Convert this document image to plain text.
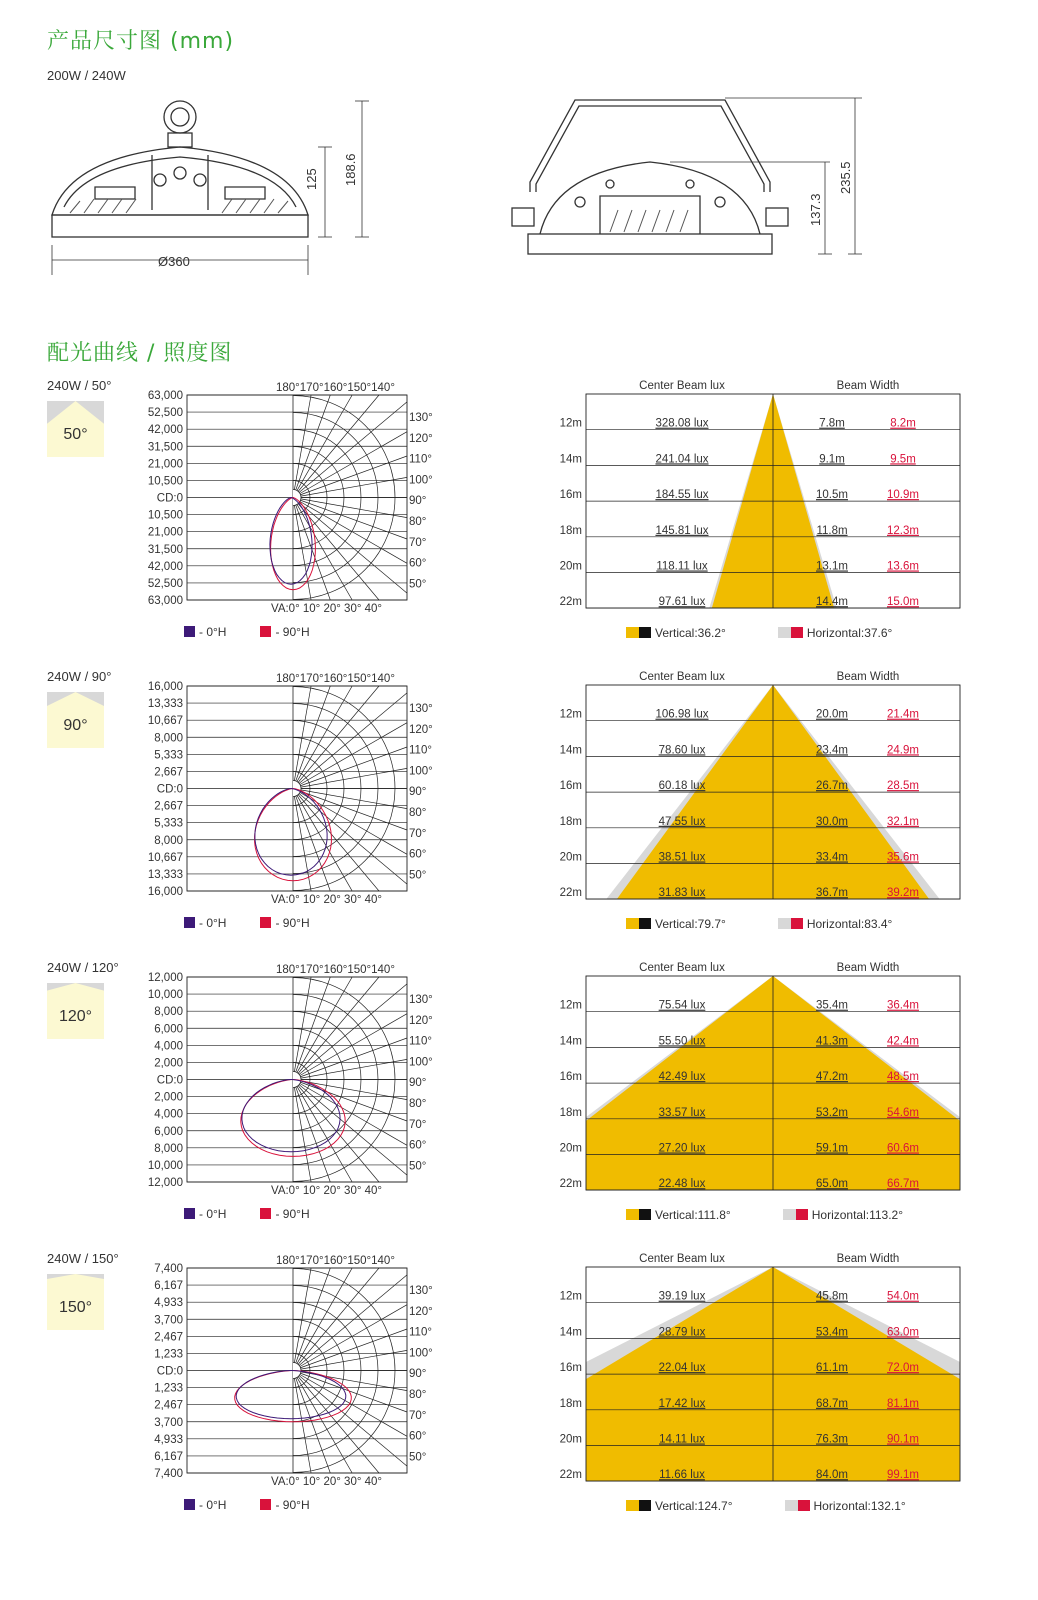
产品尺寸图 (mm)
200W / 240W
Ø360
125 188.6
137.3
235.5
配光曲线 / 照度图
240W / 50°
50°
63,000
52,500
42,000
31,500
21,000
10,500
CD:0
10,500
21,000
31,500
42,000
52,500
63,000
180°170°160°150°140°
VA:0° 10° 20° 30° 40°
130°
120°
110°
100°
90°
80°
70°
60°
50°
- 0°H	- 90°H
12m	328.08 lux	7.8m	8.2m
14m	241.04 lux	9.1m	9.5m
16m	184.55 lux	10.5m	10.9m
18m	145.81 lux	11.8m	12.3m
20m	118.11 lux	13.1m	13.6m
22m	97.61 lux	14.4m	15.0m
Center Beam lux	Beam Width
Vertical:36.2°	Horizontal:37.6°
240W / 90°
90°
16,000
13,333
10,667
8,000
5,333
2,667
CD:0
2,667
5,333
8,000
10,667
13,333
16,000
180°170°160°150°140°
VA:0° 10° 20° 30° 40°
130°
120°
110°
100°
90°
80°
70°
60°
50°
- 0°H	- 90°H
12m	106.98 lux	20.0m	21.4m
14m	78.60 lux	23.4m	24.9m
16m	60.18 lux	26.7m	28.5m
18m	47.55 lux	30.0m	32.1m
20m	38.51 lux	33.4m	35.6m
22m	31.83 lux	36.7m	39.2m
Center Beam lux	Beam Width
Vertical:79.7°	Horizontal:83.4°
240W / 120°
120°
12,000
10,000
8,000
6,000
4,000
2,000
CD:0
2,000
4,000
6,000
8,000
10,000
12,000
180°170°160°150°140°
VA:0° 10° 20° 30° 40°
130°
120°
110°
100°
90°
80°
70°
60°
50°
- 0°H	- 90°H
12m	75.54 lux	35.4m	36.4m
14m	55.50 lux	41.3m	42.4m
16m	42.49 lux	47.2m	48.5m
18m	33.57 lux	53.2m	54.6m
20m	27.20 lux	59.1m	60.6m
22m	22.48 lux	65.0m	66.7m
Center Beam lux	Beam Width
Vertical:111.8°	Horizontal:113.2°
240W / 150°
150°
7,400
6,167
4,933
3,700
2,467
1,233
CD:0
1,233
2,467
3,700
4,933
6,167
7,400
180°170°160°150°140°
VA:0° 10° 20° 30° 40°
130°
120°
110°
100°
90°
80°
70°
60°
50°
- 0°H	- 90°H
12m	39.19 lux	45.8m	54.0m
14m	28.79 lux	53.4m	63.0m
16m	22.04 lux	61.1m	72.0m
18m	17.42 lux	68.7m	81.1m
20m	14.11 lux	76.3m	90.1m
22m	11.66 lux	84.0m	99.1m
Center Beam lux	Beam Width
Vertical:124.7°	Horizontal:132.1°
